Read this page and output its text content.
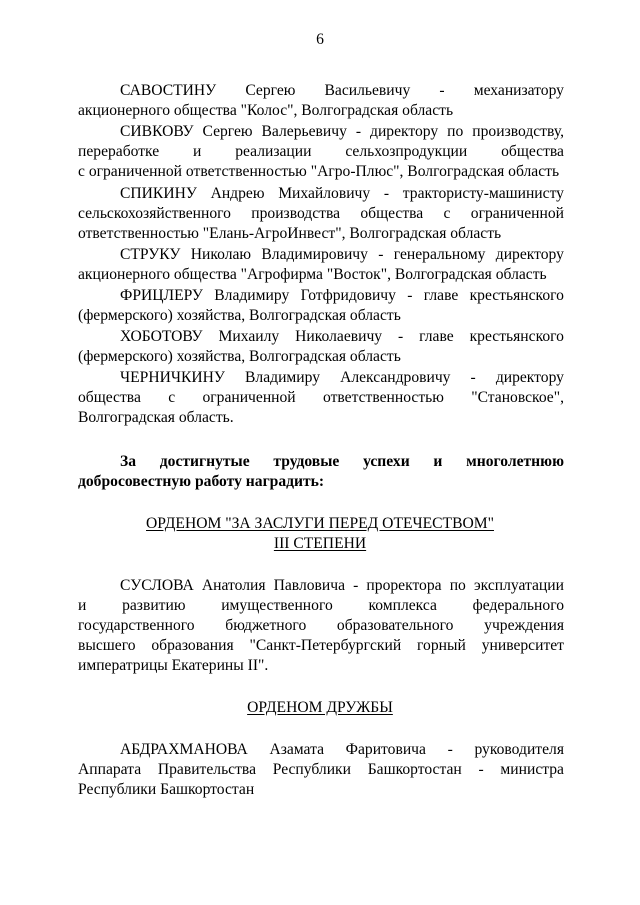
6
САВОСТИНУ Сергею Васильевичу - механизатору
акционерного общества "Колос", Волгоградская область
СИВКОВУ Сергею Валерьевичу - директору по производству,
переработке и реализации сельхозпродукции общества
с ограниченной ответственностью "Агро-Плюс", Волгоградская область
СПИКИНУ Андрею Михайловичу - трактористу-машинисту
сельскохозяйственного производства общества с ограниченной
ответственностью "Елань-АгроИнвест", Волгоградская область
СТРУКУ Николаю Владимировичу - генеральному директору
акционерного общества "Агрофирма "Восток", Волгоградская область
ФРИЦЛЕРУ Владимиру Готфридовичу - главе крестьянского
(фермерского) хозяйства, Волгоградская область
ХОБОТОВУ Михаилу Николаевичу - главе крестьянского
(фермерского) хозяйства, Волгоградская область
ЧЕРНИЧКИНУ Владимиру Александровичу - директору
общества с ограниченной ответственностью "Становское",
Волгоградская область.
За достигнутые трудовые успехи и многолетнюю
добросовестную работу наградить:
ОРДЕНОМ "ЗА ЗАСЛУГИ ПЕРЕД ОТЕЧЕСТВОМ"
III СТЕПЕНИ
СУСЛОВА Анатолия Павловича - проректора по эксплуатации
и развитию имущественного комплекса федерального
государственного бюджетного образовательного учреждения
высшего образования "Санкт-Петербургский горный университет
императрицы Екатерины II".
ОРДЕНОМ ДРУЖБЫ
АБДРАХМАНОВА Азамата Фаритовича - руководителя
Аппарата Правительства Республики Башкортостан - министра
Республики Башкортостан
